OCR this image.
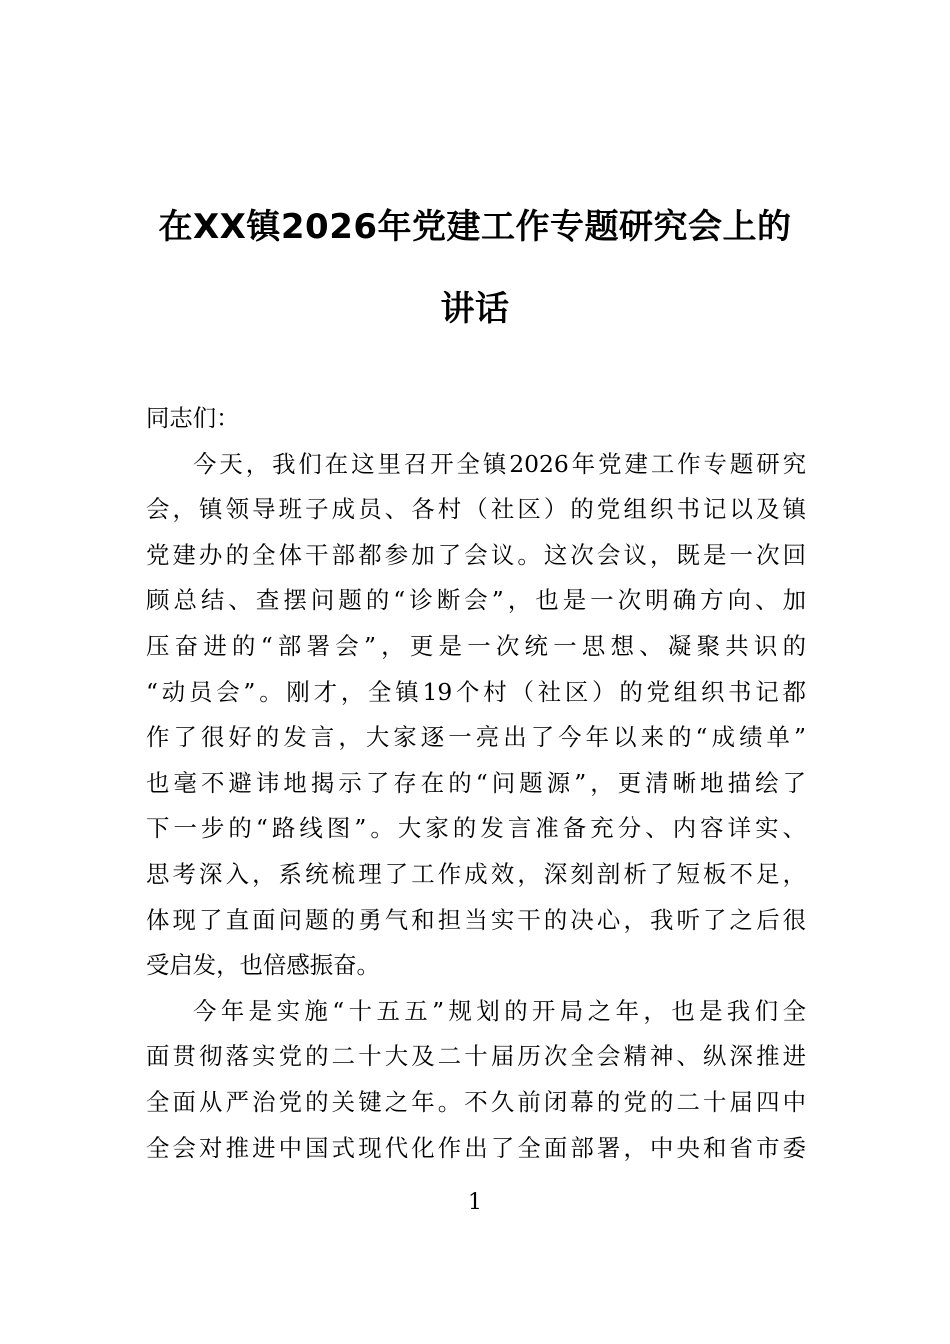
在XX镇2026年党建工作专题研究会上的
讲话
同志们：
今天，我们在这里召开全镇2026年党建工作专题研究
会，镇领导班子成员、各村（社区）的党组织书记以及镇
党建办的全体干部都参加了会议。这次会议，既是一次回
顾总结、查摆问题的“诊断会”，也是一次明确方向、加
压奋进的“部署会”，更是一次统一思想、凝聚共识的
“动员会”。刚才，全镇19个村（社区）的党组织书记都
作了很好的发言，大家逐一亮出了今年以来的“成绩单”
也毫不避讳地揭示了存在的“问题源”，更清晰地描绘了
下一步的“路线图”。大家的发言准备充分、内容详实、
思考深入，系统梳理了工作成效，深刻剖析了短板不足，
体现了直面问题的勇气和担当实干的决心，我听了之后很
受启发，也倍感振奋。
今年是实施“十五五”规划的开局之年，也是我们全
面贯彻落实党的二十大及二十届历次全会精神、纵深推进
全面从严治党的关键之年。不久前闭幕的党的二十届四中
全会对推进中国式现代化作出了全面部署，中央和省市委
1
